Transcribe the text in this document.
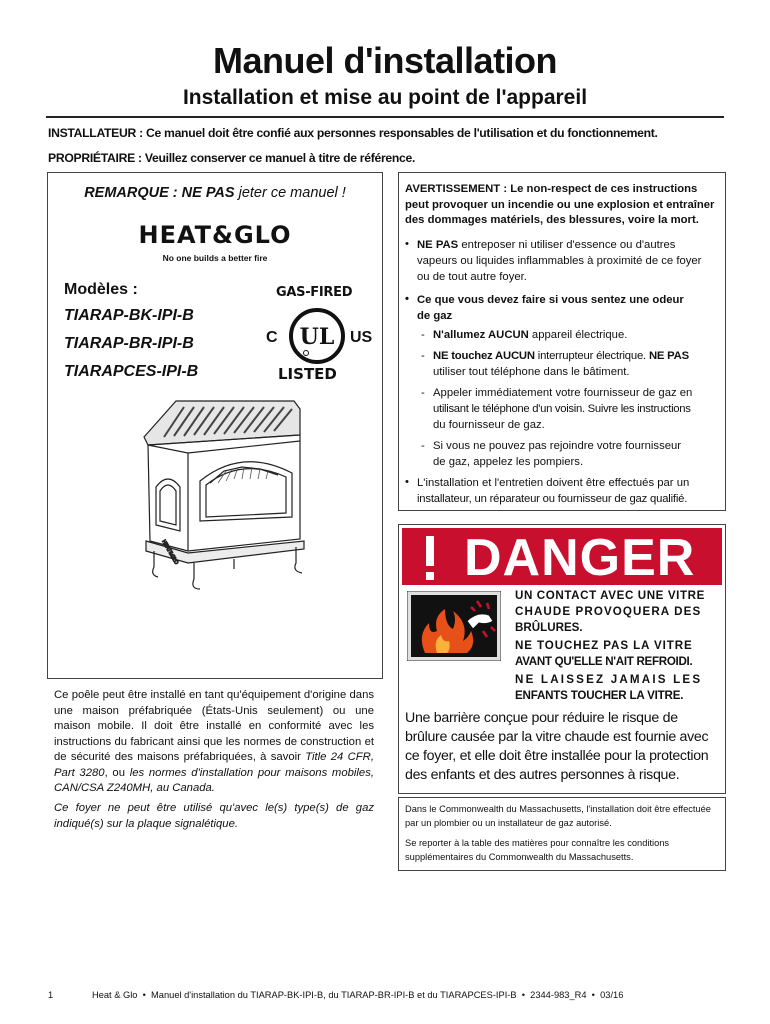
Manuel d'installation
Installation et mise au point de l'appareil
INSTALLATEUR : Ce manuel doit être confié aux personnes responsables de l'utilisation et du fonctionnement.
PROPRIÉTAIRE : Veuillez conserver ce manuel à titre de référence.
REMARQUE : NE PAS jeter ce manuel !
HEAT&GLO
No one builds a better fire
Modèles :
TIARAP-BK-IPI-B
TIARAP-BR-IPI-B
TIARAPCES-IPI-B
GAS-FIRED
C UL US
LISTED
HEAT&GLO
Ce poêle peut être installé en tant qu'équipement d'origine dans une maison préfabriquée (États-Unis seulement) ou une maison mobile. Il doit être installé en conformité avec les instructions du fabricant ainsi que les normes de construction et de sécurité des maisons préfabriquées, à savoir Title 24 CFR, Part 3280, ou les normes d'installation pour maisons mobiles, CAN/CSA Z240MH, au Canada.
Ce foyer ne peut être utilisé qu'avec le(s) type(s) de gaz indiqué(s) sur la plaque signalétique.
AVERTISSEMENT : Le non-respect de ces instructions peut provoquer un incendie ou une explosion et entraîner des dommages matériels, des blessures, voire la mort.
• NE PAS entreposer ni utiliser d'essence ou d'autres
vapeurs ou liquides inflammables à proximité de ce foyer
ou de tout autre foyer.
• Ce que vous devez faire si vous sentez une odeur
de gaz
- N'allumez AUCUN appareil électrique.
- NE touchez AUCUN interrupteur électrique. NE PAS
utiliser tout téléphone dans le bâtiment.
- Appeler immédiatement votre fournisseur de gaz en
utilisant le téléphone d'un voisin. Suivre les instructions
du fournisseur de gaz.
- Si vous ne pouvez pas rejoindre votre fournisseur
de gaz, appelez les pompiers.
• L'installation et l'entretien doivent être effectués par un
installateur, un réparateur ou fournisseur de gaz qualifié.
DANGER
UN CONTACT AVEC UNE VITRE
CHAUDE PROVOQUERA DES
BRÛLURES.
NE TOUCHEZ PAS LA VITRE
AVANT QU'ELLE N'AIT REFROIDI.
NE LAISSEZ JAMAIS LES
ENFANTS TOUCHER LA VITRE.
Une barrière conçue pour réduire le risque de brûlure causée par la vitre chaude est fournie avec ce foyer, et elle doit être installée pour la protection des enfants et des autres personnes à risque.
Dans le Commonwealth du Massachusetts, l'installation doit être effectuée par un plombier ou un installateur de gaz autorisé.
Se reporter à la table des matières pour connaître les conditions supplémentaires du Commonwealth du Massachusetts.
1	Heat & Glo  •  Manuel d'installation du TIARAP-BK-IPI-B, du TIARAP-BR-IPI-B et du TIARAPCES-IPI-B  •  2344-983_R4  •  03/16
